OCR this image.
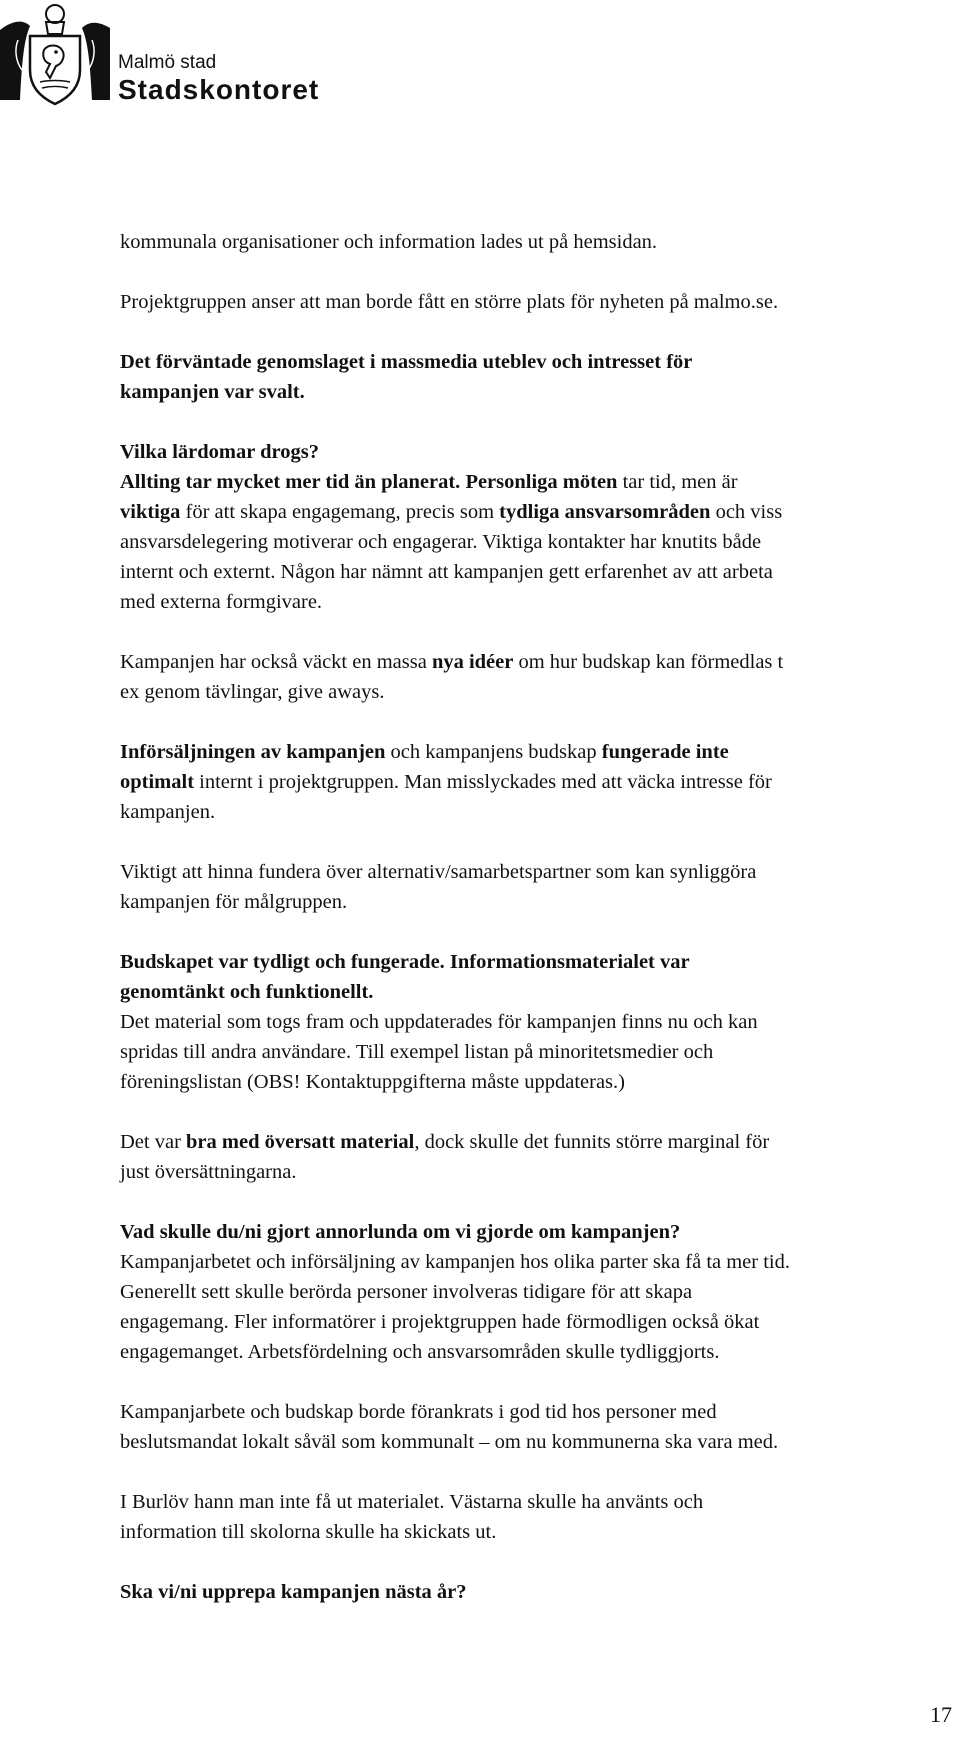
Malmö stad
Stadskontoret

kommunala organisationer och information lades ut på hemsidan.

Projektgruppen anser att man borde fått en större plats för nyheten på malmo.se.

Det förväntade genomslaget i massmedia uteblev och intresset för
kampanjen var svalt.

Vilka lärdomar drogs?
Allting tar mycket mer tid än planerat. Personliga möten tar tid, men är
viktiga för att skapa engagemang, precis som tydliga ansvarsområden och viss
ansvarsdelegering motiverar och engagerar. Viktiga kontakter har knutits både
internt och externt. Någon har nämnt att kampanjen gett erfarenhet av att arbeta
med externa formgivare.

Kampanjen har också väckt en massa nya idéer om hur budskap kan förmedlas t
ex genom tävlingar, give aways.

Införsäljningen av kampanjen och kampanjens budskap fungerade inte
optimalt internt i projektgruppen. Man misslyckades med att väcka intresse för
kampanjen.

Viktigt att hinna fundera över alternativ/samarbetspartner som kan synliggöra
kampanjen för målgruppen.

Budskapet var tydligt och fungerade. Informationsmaterialet var
genomtänkt och funktionellt.
Det material som togs fram och uppdaterades för kampanjen finns nu och kan
spridas till andra användare. Till exempel listan på minoritetsmedier och
föreningslistan (OBS! Kontaktuppgifterna måste uppdateras.)

Det var bra med översatt material, dock skulle det funnits större marginal för
just översättningarna.

Vad skulle du/ni gjort annorlunda om vi gjorde om kampanjen?
Kampanjarbetet och införsäljning av kampanjen hos olika parter ska få ta mer tid.
Generellt sett skulle berörda personer involveras tidigare för att skapa
engagemang. Fler informatörer i projektgruppen hade förmodligen också ökat
engagemanget. Arbetsfördelning och ansvarsområden skulle tydliggjorts.

Kampanjarbete och budskap borde förankrats i god tid hos personer med
beslutsmandat lokalt såväl som kommunalt – om nu kommunerna ska vara med.

I Burlöv hann man inte få ut materialet. Västarna skulle ha använts och
information till skolorna skulle ha skickats ut.

Ska vi/ni upprepa kampanjen nästa år?

17
